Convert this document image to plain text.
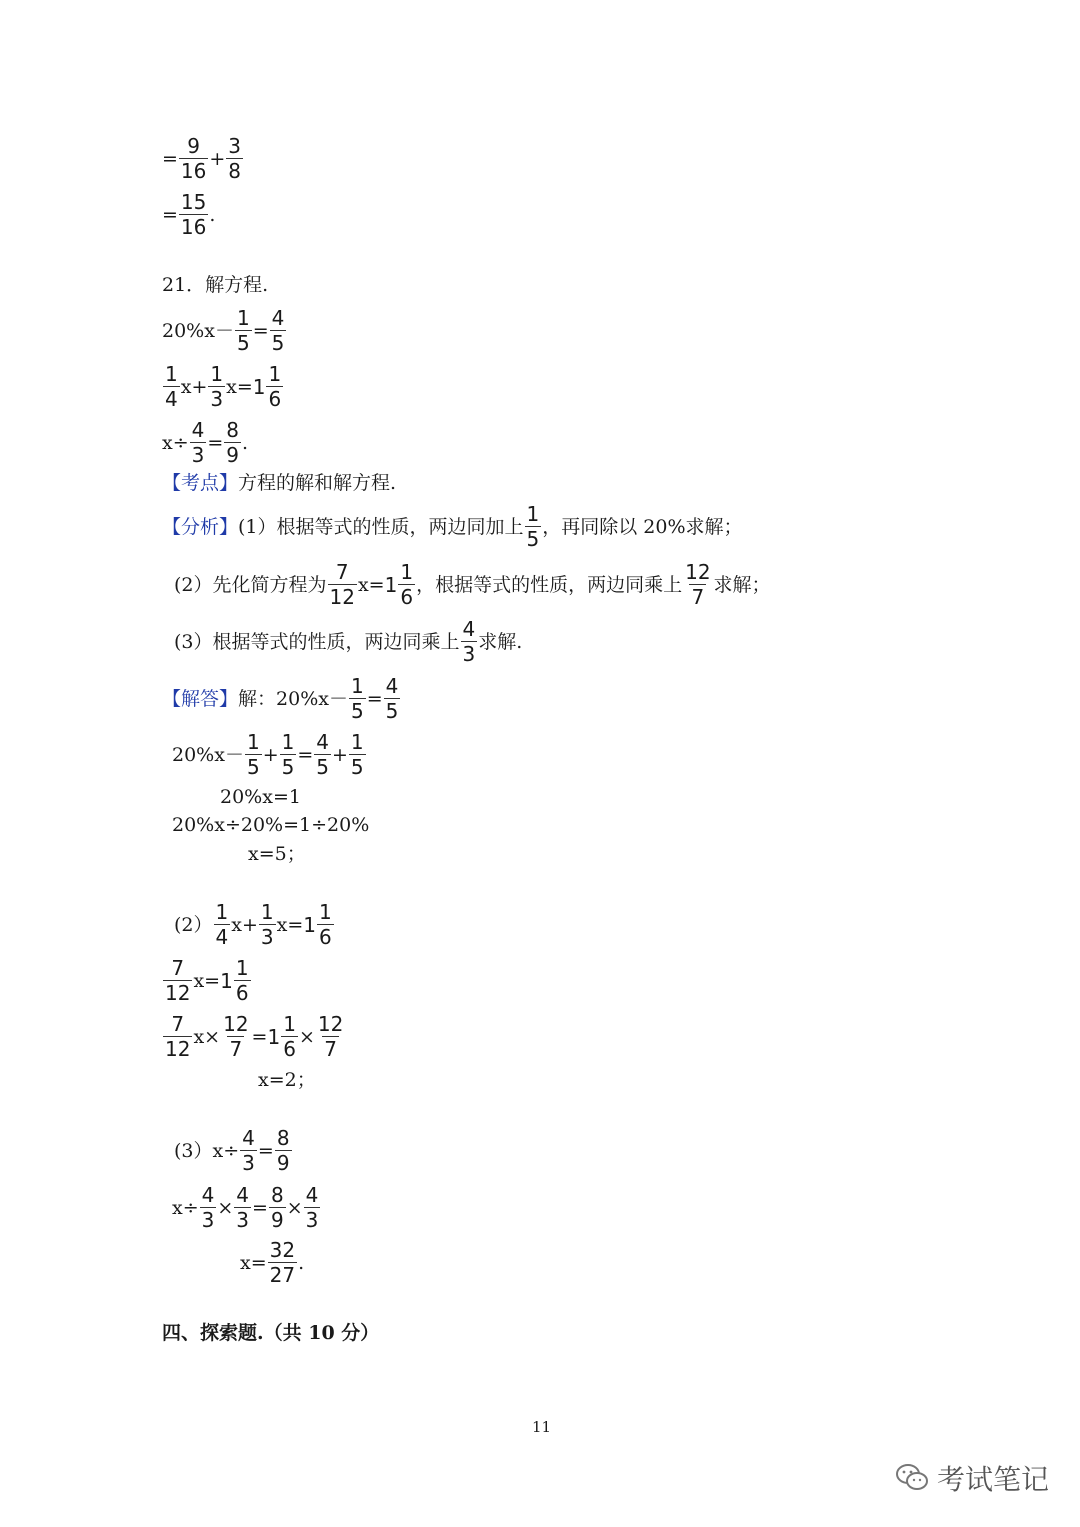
= $\frac{9}{16} + \frac{3}{8}$
= $\frac{15}{16}$ .
21．解方程.
$20\%x- \frac{1}{5} = \frac{4}{5}$
$\frac{1}{4} x+ \frac{1}{3} x= 1 \frac{1}{6}$
$x\div \frac{4}{3} = \frac{8}{9}$ .
【考点】 方程的解和解方程.
【分析】 (1）根据等式的性质，两边同加上 $\frac{1}{5}$ ，再同除以 20%求解；
(2）先化简方程为 $\frac{7}{12} x= 1 \frac{1}{6}$ ，根据等式的性质，两边同乘上 $\frac{12}{7}$ 求解；
(3）根据等式的性质，两边同乘上 $\frac{4}{3}$ 求解.
【解答】 解：$20\%x- \frac{1}{5} = \frac{4}{5}$
$20\%x- \frac{1}{5} + \frac{1}{5} = \frac{4}{5} + \frac{1}{5}$
20%x=1
20%x÷20%=1÷20%
x=5；
$(2) \frac{1}{4} x+ \frac{1}{3} x= 1 \frac{1}{6}$
$\frac{7}{12} x= 1 \frac{1}{6}$
$\frac{7}{12} x\times \frac{12}{7} = 1 \frac{1}{6} \times \frac{12}{7}$
x=2；
(3） $x\div \frac{4}{3} = \frac{8}{9}$
$x\div \frac{4}{3} \times \frac{4}{3} = \frac{8}{9} \times \frac{4}{3}$
$x= \frac{32}{27}$ .
四、探索题.（共 10 分）
11
考试笔记
